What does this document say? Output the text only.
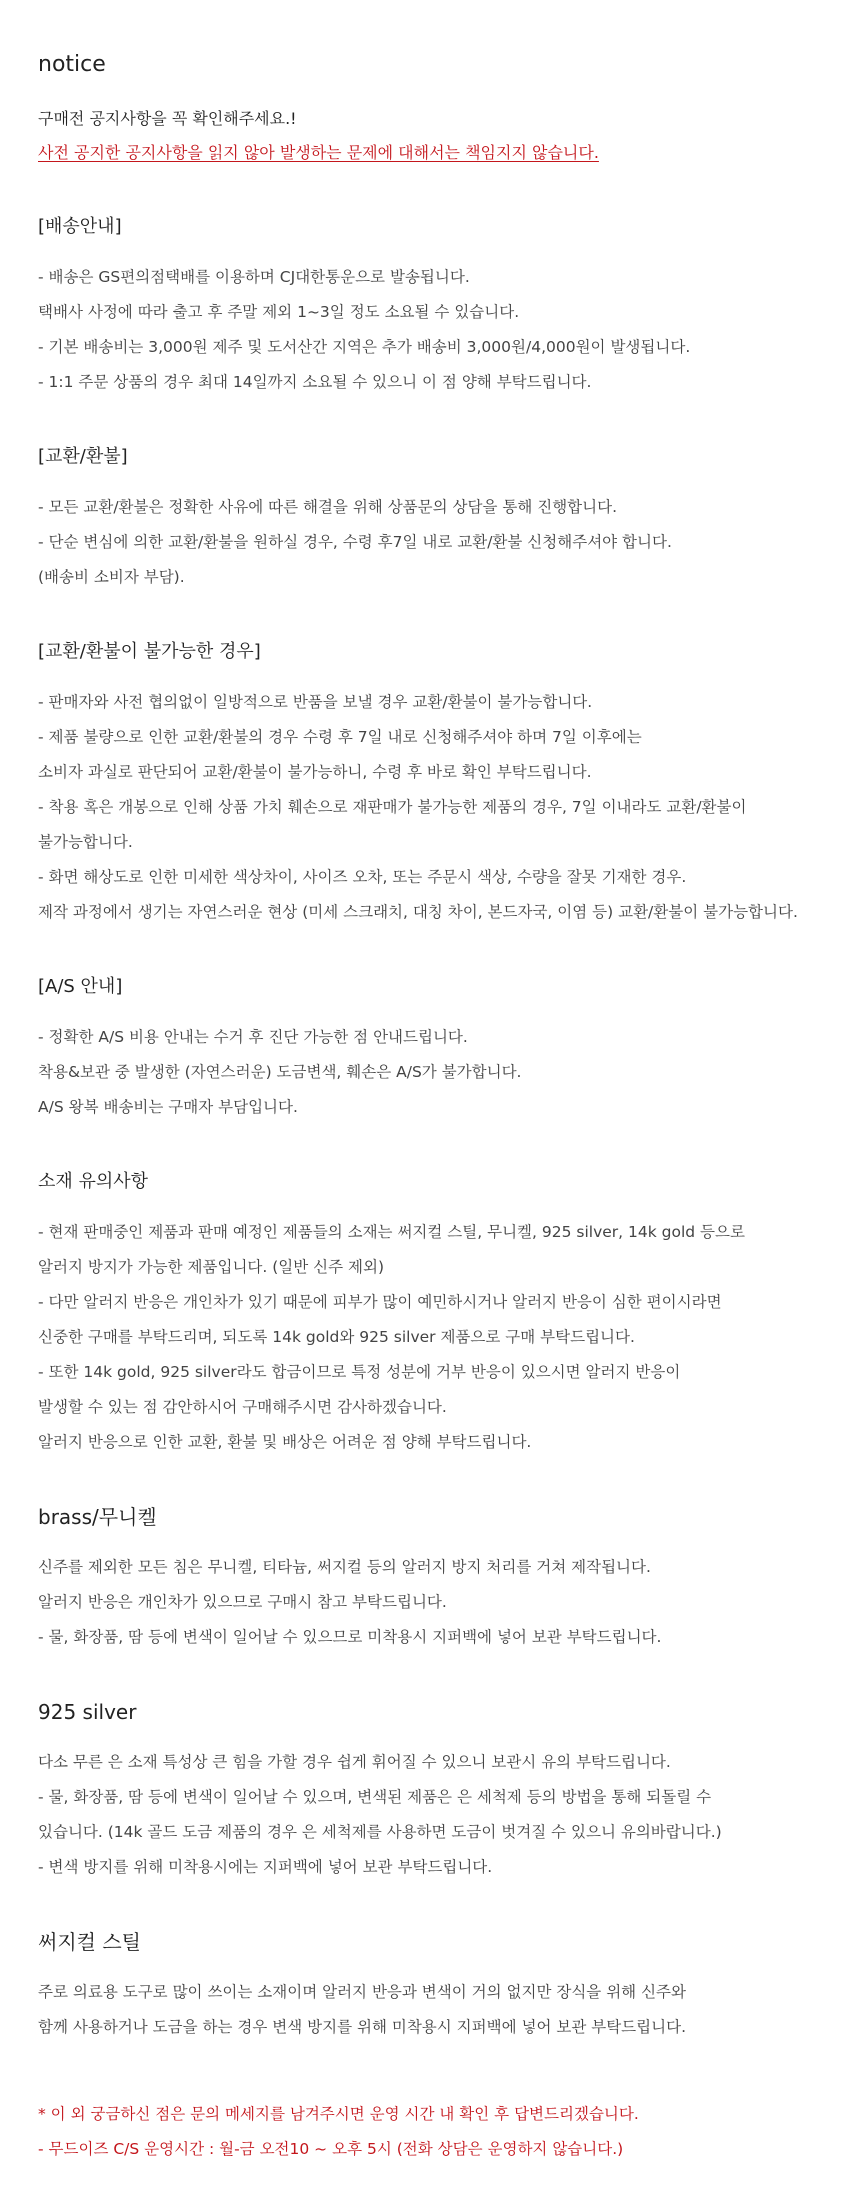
notice
구매전 공지사항을 꼭 확인해주세요.!
사전 공지한 공지사항을 읽지 않아 발생하는 문제에 대해서는 책임지지 않습니다.
[배송안내]
- 배송은 GS편의점택배를 이용하며 CJ대한통운으로 발송됩니다.
택배사 사정에 따라 출고 후 주말 제외 1~3일 정도 소요될 수 있습니다.
- 기본 배송비는 3,000원 제주 및 도서산간 지역은 추가 배송비 3,000원/4,000원이 발생됩니다.
- 1:1 주문 상품의 경우 최대 14일까지 소요될 수 있으니 이 점 양해 부탁드립니다.
[교환/환불]
- 모든 교환/환불은 정확한 사유에 따른 해결을 위해 상품문의 상담을 통해 진행합니다.
- 단순 변심에 의한 교환/환불을 원하실 경우, 수령 후7일 내로 교환/환불 신청해주셔야 합니다.
(배송비 소비자 부담).
[교환/환불이 불가능한 경우]
- 판매자와 사전 협의없이 일방적으로 반품을 보낼 경우 교환/환불이 불가능합니다.
- 제품 불량으로 인한 교환/환불의 경우 수령 후 7일 내로 신청해주셔야 하며 7일 이후에는
소비자 과실로 판단되어 교환/환불이 불가능하니, 수령 후 바로 확인 부탁드립니다.
- 착용 혹은 개봉으로 인해 상품 가치 훼손으로 재판매가 불가능한 제품의 경우, 7일 이내라도 교환/환불이
불가능합니다.
- 화면 해상도로 인한 미세한 색상차이, 사이즈 오차, 또는 주문시 색상, 수량을 잘못 기재한 경우.
제작 과정에서 생기는 자연스러운 현상 (미세 스크래치, 대칭 차이, 본드자국, 이염 등) 교환/환불이 불가능합니다.
[A/S 안내]
- 정확한 A/S 비용 안내는 수거 후 진단 가능한 점 안내드립니다.
착용&보관 중 발생한 (자연스러운) 도금변색, 훼손은 A/S가 불가합니다.
A/S 왕복 배송비는 구매자 부담입니다.
소재 유의사항
- 현재 판매중인 제품과 판매 예정인 제품들의 소재는 써지컬 스틸, 무니켈, 925 silver, 14k gold 등으로
알러지 방지가 가능한 제품입니다. (일반 신주 제외)
- 다만 알러지 반응은 개인차가 있기 때문에 피부가 많이 예민하시거나 알러지 반응이 심한 편이시라면
신중한 구매를 부탁드리며, 되도록 14k gold와 925 silver 제품으로 구매 부탁드립니다.
- 또한 14k gold, 925 silver라도 합금이므로 특정 성분에 거부 반응이 있으시면 알러지 반응이
발생할 수 있는 점 감안하시어 구매해주시면 감사하겠습니다.
알러지 반응으로 인한 교환, 환불 및 배상은 어려운 점 양해 부탁드립니다.
brass/무니켈
신주를 제외한 모든 침은 무니켈, 티타늄, 써지컬 등의 알러지 방지 처리를 거쳐 제작됩니다.
알러지 반응은 개인차가 있으므로 구매시 참고 부탁드립니다.
- 물, 화장품, 땀 등에 변색이 일어날 수 있으므로 미착용시 지퍼백에 넣어 보관 부탁드립니다.
925 silver
다소 무른 은 소재 특성상 큰 힘을 가할 경우 쉽게 휘어질 수 있으니 보관시 유의 부탁드립니다.
- 물, 화장품, 땀 등에 변색이 일어날 수 있으며, 변색된 제품은 은 세척제 등의 방법을 통해 되돌릴 수
있습니다. (14k 골드 도금 제품의 경우 은 세척제를 사용하면 도금이 벗겨질 수 있으니 유의바랍니다.)
- 변색 방지를 위해 미착용시에는 지퍼백에 넣어 보관 부탁드립니다.
써지컬 스틸
주로 의료용 도구로 많이 쓰이는 소재이며 알러지 반응과 변색이 거의 없지만 장식을 위해 신주와
함께 사용하거나 도금을 하는 경우 변색 방지를 위해 미착용시 지퍼백에 넣어 보관 부탁드립니다.
* 이 외 궁금하신 점은 문의 메세지를 남겨주시면 운영 시간 내 확인 후 답변드리겠습니다.
- 무드이즈 C/S 운영시간 : 월-금 오전10 ~ 오후 5시 (전화 상담은 운영하지 않습니다.)
